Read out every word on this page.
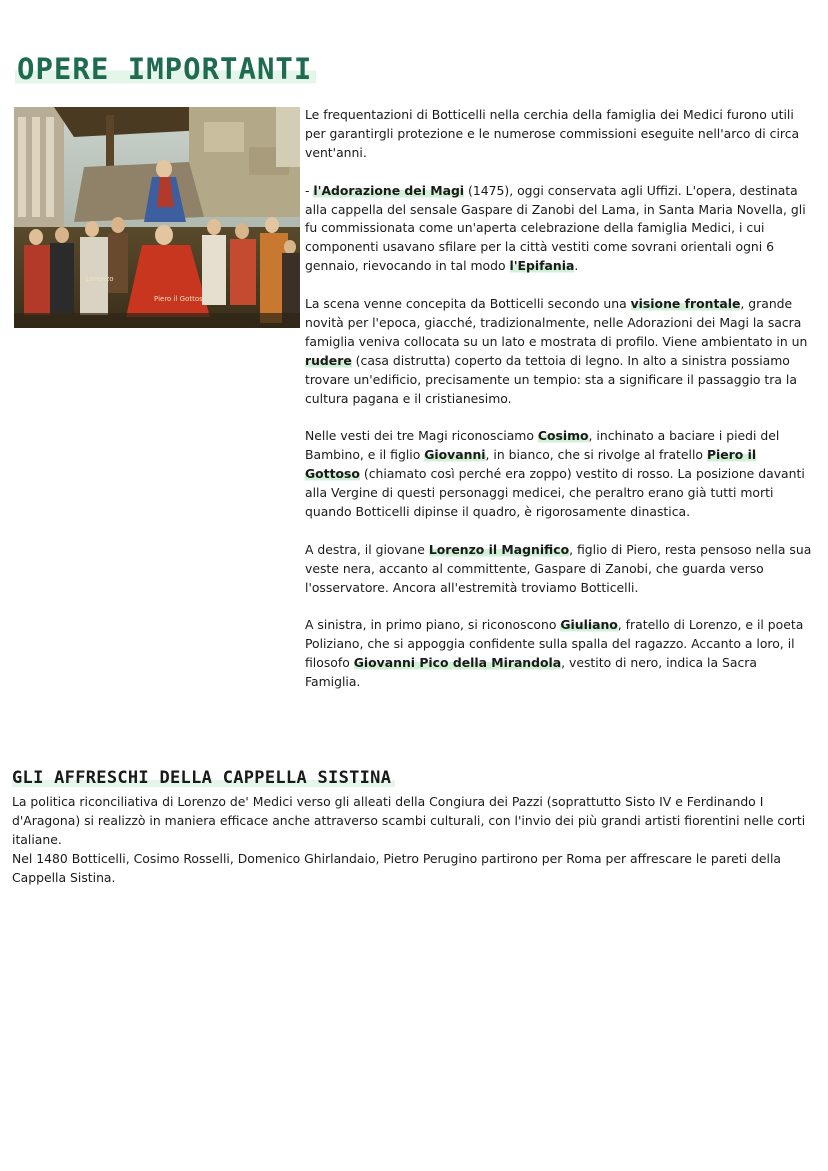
OPERE IMPORTANTI
Lorenzo
Piero il Gottoso

Le frequentazioni di Botticelli nella cerchia della famiglia dei Medici furono utili per garantirgli protezione e le numerose commissioni eseguite nell'arco di circa vent'anni.

- l'Adorazione dei Magi (1475), oggi conservata agli Uffizi. L'opera, destinata alla cappella del sensale Gaspare di Zanobi del Lama, in Santa Maria Novella, gli fu commissionata come un'aperta celebrazione della famiglia Medici, i cui componenti usavano sfilare per la città vestiti come sovrani orientali ogni 6 gennaio, rievocando in tal modo l'Epifania.

La scena venne concepita da Botticelli secondo una visione frontale, grande novità per l'epoca, giacché, tradizionalmente, nelle Adorazioni dei Magi la sacra famiglia veniva collocata su un lato e mostrata di profilo. Viene ambientato in un rudere (casa distrutta) coperto da tettoia di legno. In alto a sinistra possiamo trovare un'edificio, precisamente un tempio: sta a significare il passaggio tra la cultura pagana e il cristianesimo.

Nelle vesti dei tre Magi riconosciamo Cosimo, inchinato a baciare i piedi del Bambino, e il figlio Giovanni, in bianco, che si rivolge al fratello Piero il Gottoso (chiamato così perché era zoppo) vestito di rosso. La posizione davanti alla Vergine di questi personaggi medicei, che peraltro erano già tutti morti quando Botticelli dipinse il quadro, è rigorosamente dinastica.

A destra, il giovane Lorenzo il Magnifico, figlio di Piero, resta pensoso nella sua veste nera, accanto al committente, Gaspare di Zanobi, che guarda verso l'osservatore. Ancora all'estremità troviamo Botticelli.

A sinistra, in primo piano, si riconoscono Giuliano, fratello di Lorenzo, e il poeta Poliziano, che si appoggia confidente sulla spalla del ragazzo. Accanto a loro, il filosofo Giovanni Pico della Mirandola, vestito di nero, indica la Sacra Famiglia.

GLI AFFRESCHI DELLA CAPPELLA SISTINA

La politica riconciliativa di Lorenzo de' Medici verso gli alleati della Congiura dei Pazzi (soprattutto Sisto IV e Ferdinando I d'Aragona) si realizzò in maniera efficace anche attraverso scambi culturali, con l'invio dei più grandi artisti fiorentini nelle corti italiane.

Nel 1480 Botticelli, Cosimo Rosselli, Domenico Ghirlandaio, Pietro Perugino partirono per Roma per affrescare le pareti della Cappella Sistina.
